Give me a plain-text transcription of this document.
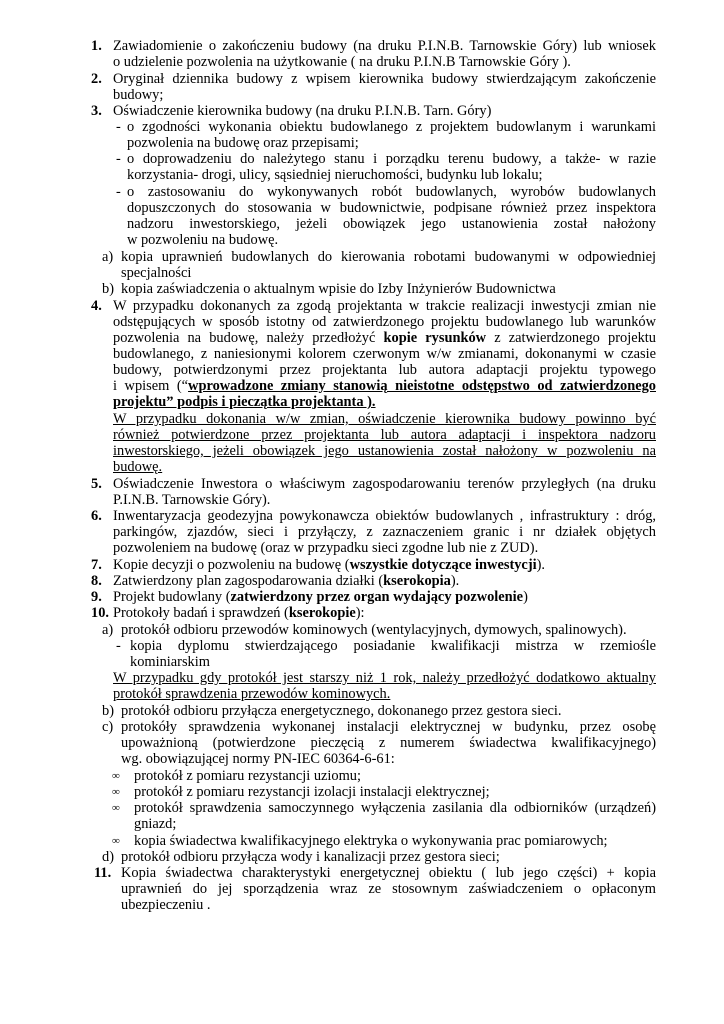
1. Zawiadomienie o zakończeniu budowy (na druku P.I.N.B. Tarnowskie Góry) lub wniosek
o udzielenie pozwolenia na użytkowanie ( na druku P.I.N.B Tarnowskie Góry ).
2. Oryginał dziennika budowy z wpisem kierownika budowy stwierdzającym zakończenie
budowy;
3. Oświadczenie kierownika budowy (na druku P.I.N.B. Tarn. Góry)
- o zgodności wykonania obiektu budowlanego z projektem budowlanym i warunkami
pozwolenia na budowę oraz przepisami;
- o doprowadzeniu do należytego stanu i porządku terenu budowy, a także- w razie
korzystania- drogi, ulicy, sąsiedniej nieruchomości, budynku lub lokalu;
- o zastosowaniu do wykonywanych robót budowlanych, wyrobów budowlanych
dopuszczonych do stosowania w budownictwie, podpisane również przez inspektora
nadzoru inwestorskiego, jeżeli obowiązek jego ustanowienia został nałożony
w pozwoleniu na budowę.
a) kopia uprawnień budowlanych do kierowania robotami budowanymi w odpowiedniej
specjalności
b) kopia zaświadczenia o aktualnym wpisie do Izby Inżynierów Budownictwa
4. W przypadku dokonanych za zgodą projektanta w trakcie realizacji inwestycji zmian nie
odstępujących w sposób istotny od zatwierdzonego projektu budowlanego lub warunków
pozwolenia na budowę, należy przedłożyć kopie rysunków z zatwierdzonego projektu
budowlanego, z naniesionymi kolorem czerwonym w/w zmianami, dokonanymi w czasie
budowy, potwierdzonymi przez projektanta lub autora adaptacji projektu typowego
i wpisem (“wprowadzone zmiany stanowią nieistotne odstępstwo od zatwierdzonego
projektu” podpis i pieczątka projektanta ).
W przypadku dokonania w/w zmian, oświadczenie kierownika budowy powinno być
również potwierdzone przez projektanta lub autora adaptacji i inspektora nadzoru
inwestorskiego, jeżeli obowiązek jego ustanowienia został nałożony w pozwoleniu na
budowę.
5. Oświadczenie Inwestora o właściwym zagospodarowaniu terenów przyległych (na druku
P.I.N.B. Tarnowskie Góry).
6. Inwentaryzacja geodezyjna powykonawcza obiektów budowlanych , infrastruktury : dróg,
parkingów, zjazdów, sieci i przyłączy, z zaznaczeniem granic i nr działek objętych
pozwoleniem na budowę (oraz w przypadku sieci zgodne lub nie z ZUD).
7. Kopie decyzji o pozwoleniu na budowę (wszystkie dotyczące inwestycji).
8. Zatwierdzony plan zagospodarowania działki (kserokopia).
9. Projekt budowlany (zatwierdzony przez organ wydający pozwolenie)
10. Protokoły badań i sprawdzeń (kserokopie):
a) protokół odbioru przewodów kominowych (wentylacyjnych, dymowych, spalinowych).
- kopia dyplomu stwierdzającego posiadanie kwalifikacji mistrza w rzemiośle
kominiarskim
W przypadku gdy protokół jest starszy niż 1 rok, należy przedłożyć dodatkowo aktualny
protokół sprawdzenia przewodów kominowych.
b) protokół odbioru przyłącza energetycznego, dokonanego przez gestora sieci.
c) protokóły sprawdzenia wykonanej instalacji elektrycznej w budynku, przez osobę
upoważnioną (potwierdzone pieczęcią z numerem świadectwa kwalifikacyjnego)
wg. obowiązującej normy PN-IEC 60364-6-61:
∞ protokół z pomiaru rezystancji uziomu;
∞ protokół z pomiaru rezystancji izolacji instalacji elektrycznej;
∞ protokół sprawdzenia samoczynnego wyłączenia zasilania dla odbiorników (urządzeń)
gniazd;
∞ kopia świadectwa kwalifikacyjnego elektryka o wykonywania prac pomiarowych;
d) protokół odbioru przyłącza wody i kanalizacji przez gestora sieci;
11. Kopia świadectwa charakterystyki energetycznej obiektu ( lub jego części) + kopia
uprawnień do jej sporządzenia wraz ze stosownym zaświadczeniem o opłaconym
ubezpieczeniu .
